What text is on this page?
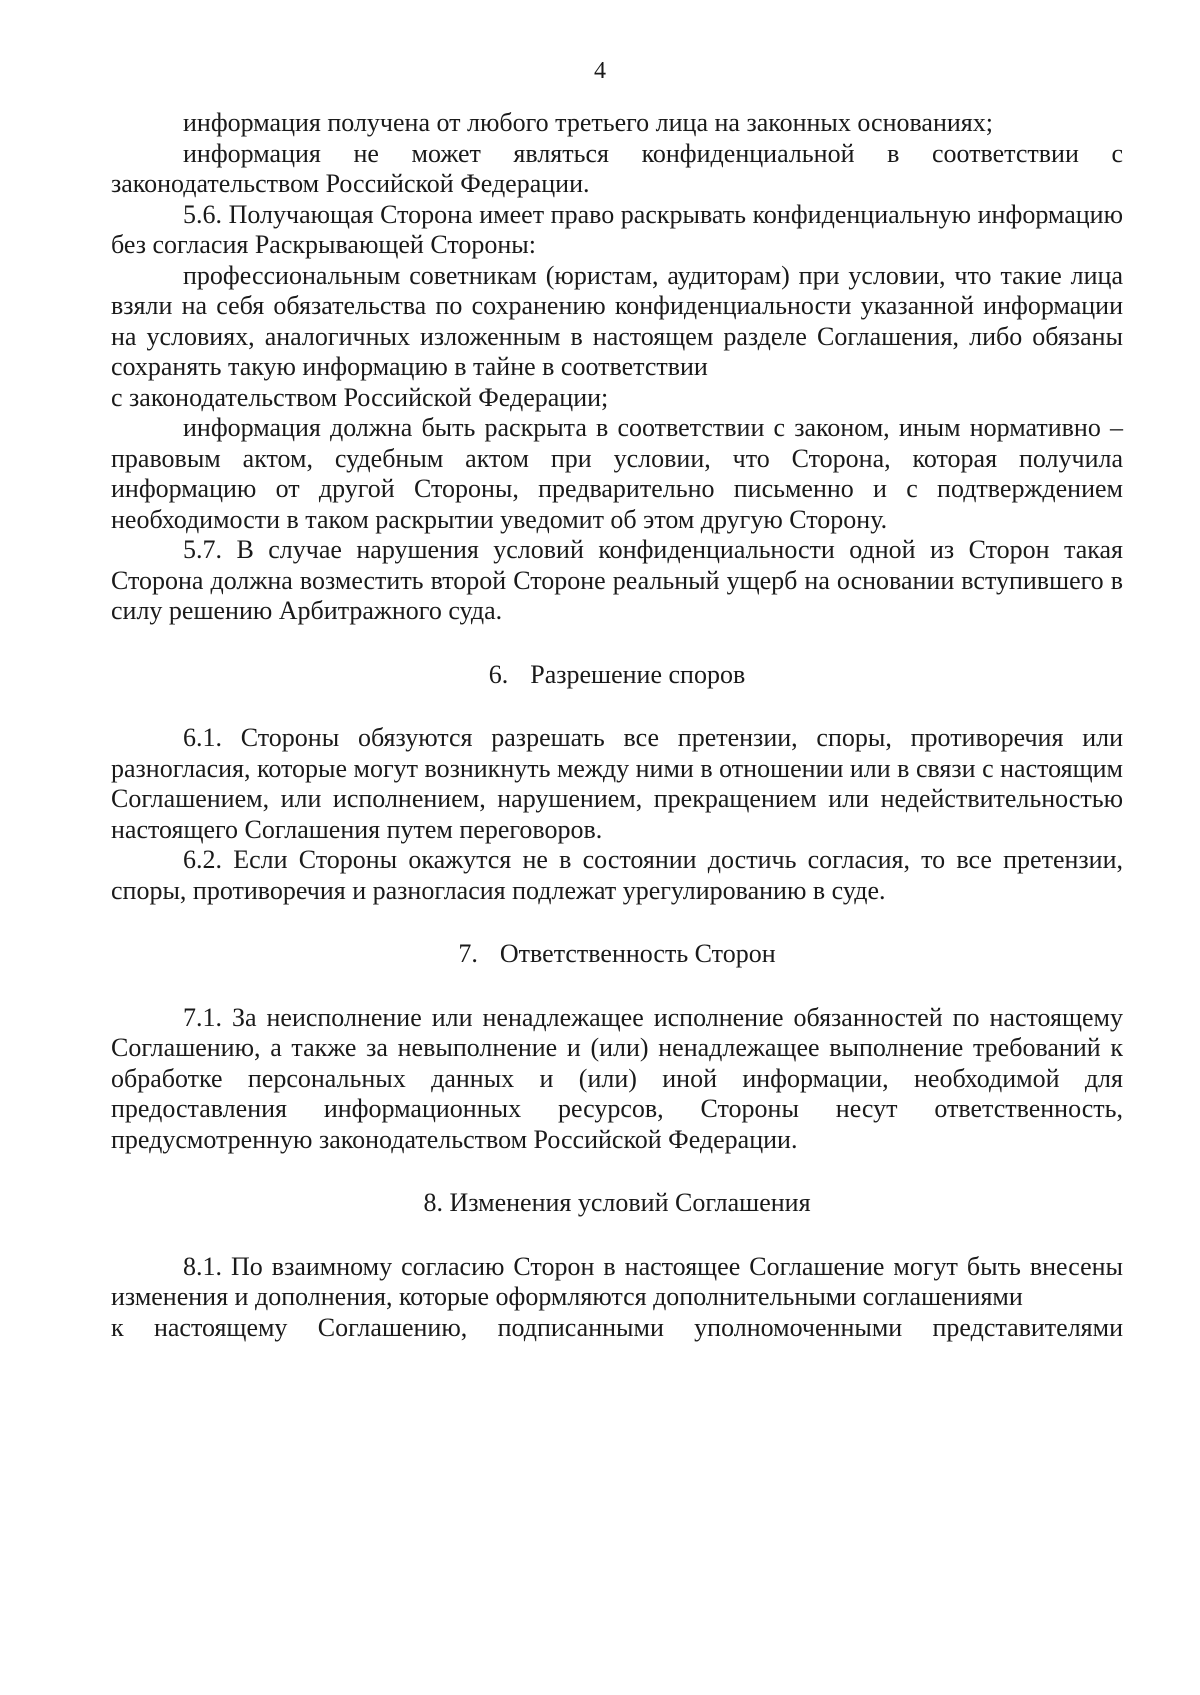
4

информация получена от любого третьего лица на законных основаниях;

информация не может являться конфиденциальной в соответствии с законодательством Российской Федерации.

5.6. Получающая Сторона имеет право раскрывать конфиденциальную информацию без согласия Раскрывающей Стороны:

профессиональным советникам (юристам, аудиторам) при условии, что такие лица взяли на себя обязательства по сохранению конфиденциальности указанной информации на условиях, аналогичных изложенным в настоящем разделе Соглашения, либо обязаны сохранять такую информацию в тайне в соответствии

с законодательством Российской Федерации;

информация должна быть раскрыта в соответствии с законом, иным нормативно – правовым актом, судебным актом при условии, что Сторона, которая получила информацию от другой Стороны, предварительно письменно и с подтверждением необходимости в таком раскрытии уведомит об этом другую Сторону.

5.7. В случае нарушения условий конфиденциальности одной из Сторон такая Сторона должна возместить второй Стороне реальный ущерб на основании вступившего в силу решению Арбитражного суда.

6. Разрешение споров

6.1. Стороны обязуются разрешать все претензии, споры, противоречия или разногласия, которые могут возникнуть между ними в отношении или в связи с настоящим Соглашением, или исполнением, нарушением, прекращением или недействительностью настоящего Соглашения путем переговоров.

6.2. Если Стороны окажутся не в состоянии достичь согласия, то все претензии, споры, противоречия и разногласия подлежат урегулированию в суде.

7. Ответственность Сторон

7.1. За неисполнение или ненадлежащее исполнение обязанностей по настоящему Соглашению, а также за невыполнение и (или) ненадлежащее выполнение требований к обработке персональных данных и (или) иной информации, необходимой для предоставления информационных ресурсов, Стороны несут ответственность, предусмотренную законодательством Российской Федерации.

8. Изменения условий Соглашения

8.1. По взаимному согласию Сторон в настоящее Соглашение могут быть внесены изменения и дополнения, которые оформляются дополнительными соглашениями

к настоящему Соглашению, подписанными уполномоченными представителями
